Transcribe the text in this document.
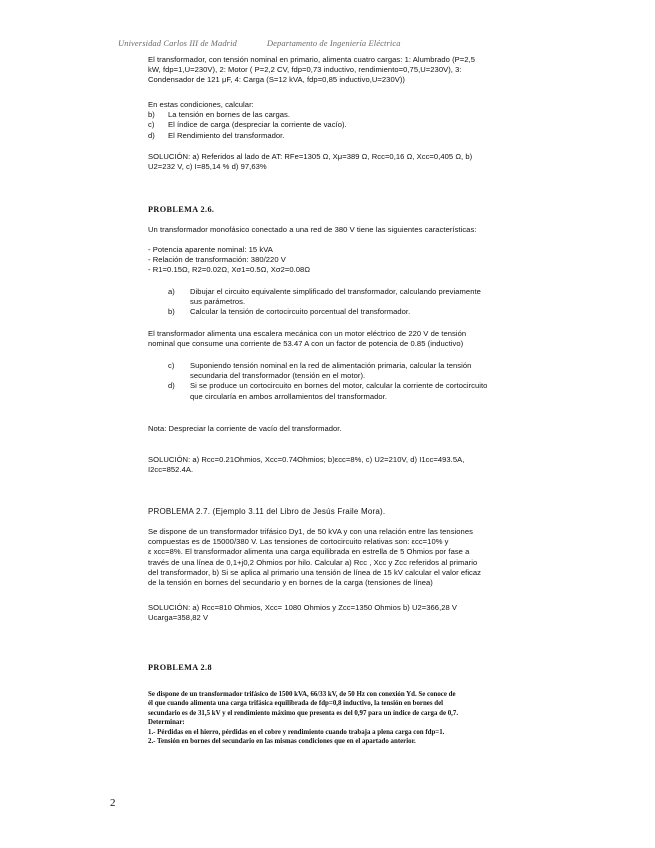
Universidad Carlos III de Madrid	Departamento de Ingeniería Eléctrica

El transformador, con tensión nominal en primario, alimenta cuatro cargas: 1: Alumbrado (P=2,5
kW, fdp=1,U=230V), 2: Motor ( P=2,2 CV, fdp=0,73 inductivo, rendimiento=0,75,U=230V), 3:
Condensador de 121 μF, 4: Carga (S=12 kVA, fdp=0,85 inductivo,U=230V))

En estas condiciones, calcular:

b) La tensión en bornes de las cargas.

c) El índice de carga (despreciar la corriente de vacío).

d) El Rendimiento del transformador.

SOLUCIÓN: a) Referidos al lado de AT: RFe=1305 Ω, Xμ=389 Ω, Rcc=0,16 Ω, Xcc=0,405 Ω, b)
U2=232 V, c) I=85,14 % d) 97,63%

PROBLEMA 2.6.

Un transformador monofásico conectado a una red de 380 V tiene las siguientes características:

- Potencia aparente nominal: 15 kVA
- Relación de transformación: 380/220 V
- R1=0.15Ω, R2=0.02Ω, Xσ1=0.5Ω, Xσ2=0.08Ω

a) Dibujar el circuito equivalente simplificado del transformador, calculando previamente
sus parámetros.

b) Calcular la tensión de cortocircuito porcentual del transformador.

El transformador alimenta una escalera mecánica con un motor eléctrico de 220 V de tensión
nominal que consume una corriente de 53.47 A con un factor de potencia de 0.85 (inductivo)

c) Suponiendo tensión nominal en la red de alimentación primaria, calcular la tensión
secundaria del transformador (tensión en el motor).

d) Si se produce un cortocircuito en bornes del motor, calcular la corriente de cortocircuito
que circularía en ambos arrollamientos del transformador.

Nota: Despreciar la corriente de vacío del transformador.

SOLUCIÓN: a) Rcc=0.21Ohmios, Xcc=0.74Ohmios; b)εcc=8%, c) U2=210V, d) I1cc=493.5A,
I2cc=852.4A.

PROBLEMA 2.7. (Ejemplo 3.11 del Libro de Jesús Fraile Mora).

Se dispone de un transformador trifásico Dy1, de 50 kVA y con una relación entre las tensiones
compuestas es de 15000/380 V. Las tensiones de cortocircuito relativas son: εcc=10% y
ε xcc=8%. El transformador alimenta una carga equilibrada en estrella de 5 Ohmios por fase a
través de una línea de 0,1+j0,2 Ohmios por hilo. Calcular a) Rcc , Xcc y Zcc referidos al primario
del transformador, b) Si se aplica al primario una tensión de línea de 15 kV calcular el valor eficaz
de la tensión en bornes del secundario y en bornes de la carga (tensiones de línea)

SOLUCIÓN: a) Rcc=810 Ohmios, Xcc= 1080 Ohmios y Zcc=1350 Ohmios b) U2=366,28 V
Ucarga=358,82 V

PROBLEMA 2.8

Se dispone de un transformador trifásico de 1500 kVA, 66/33 kV, de 50 Hz con conexión Yd. Se conoce de
él que cuando alimenta una carga trifásica equilibrada de fdp=0,8 inductivo, la tensión en bornes del
secundario es de 31,5 kV y el rendimiento máximo que presenta es del 0,97 para un índice de carga de 0,7.
Determinar:
1.- Pérdidas en el hierro, pérdidas en el cobre y rendimiento cuando trabaja a plena carga con fdp=1.
2.- Tensión en bornes del secundario en las mismas condiciones que en el apartado anterior.

2
